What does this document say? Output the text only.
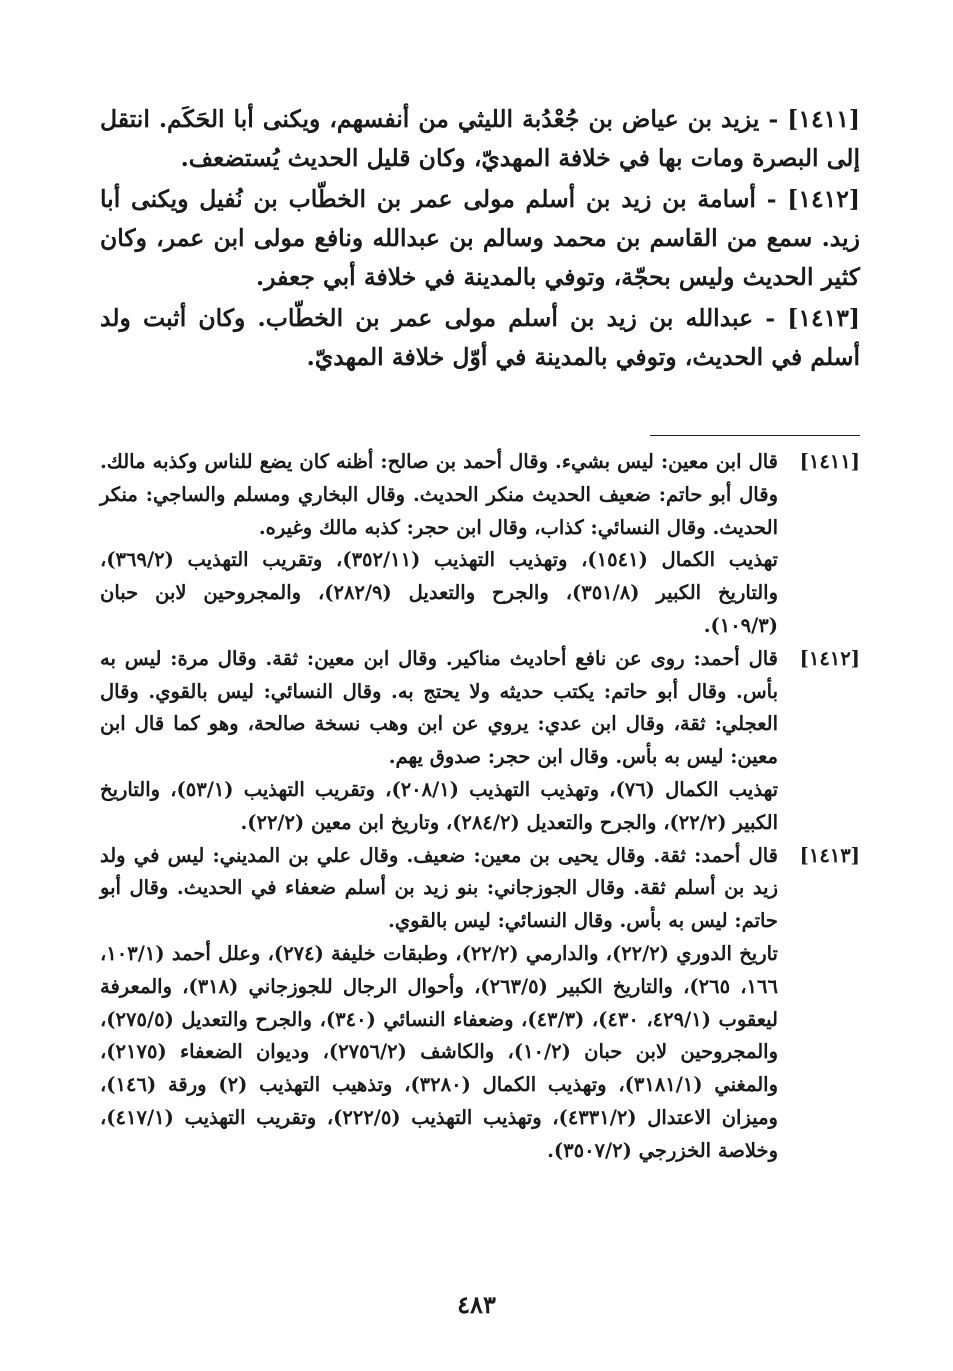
[١٤١١] - يزيد بن عياض بن جُعْدُبة الليثي من أنفسهم، ويكنى أبا الحَكَم. انتقل إلى البصرة ومات بها في خلافة المهديّ، وكان قليل الحديث يُستضعف.

[١٤١٢] - أسامة بن زيد بن أسلم مولى عمر بن الخطّاب بن نُفيل ويكنى أبا زيد. سمع من القاسم بن محمد وسالم بن عبدالله ونافع مولى ابن عمر، وكان كثير الحديث وليس بحجّة، وتوفي بالمدينة في خلافة أبي جعفر.

[١٤١٣] - عبدالله بن زيد بن أسلم مولى عمر بن الخطّاب. وكان أثبت ولد أسلم في الحديث، وتوفي بالمدينة في أوّل خلافة المهديّ.

[١٤١١]

قال ابن معين: ليس بشيء. وقال أحمد بن صالح: أظنه كان يضع للناس وكذبه مالك. وقال أبو حاتم: ضعيف الحديث منكر الحديث. وقال البخاري ومسلم والساجي: منكر الحديث. وقال النسائي: كذاب، وقال ابن حجر: كذبه مالك وغيره.

تهذيب الكمال (١٥٤١)، وتهذيب التهذيب (٣٥٢/١١)، وتقريب التهذيب (٣٦٩/٢)، والتاريخ الكبير (٣٥١/٨)، والجرح والتعديل (٢٨٢/٩)، والمجروحين لابن حبان (١٠٩/٣).

[١٤١٢]

قال أحمد: روى عن نافع أحاديث مناكير. وقال ابن معين: ثقة. وقال مرة: ليس به بأس. وقال أبو حاتم: يكتب حديثه ولا يحتج به. وقال النسائي: ليس بالقوي. وقال العجلي: ثقة، وقال ابن عدي: يروي عن ابن وهب نسخة صالحة، وهو كما قال ابن معين: ليس به بأس. وقال ابن حجر: صدوق يهم.

تهذيب الكمال (٧٦)، وتهذيب التهذيب (٢٠٨/١)، وتقريب التهذيب (٥٣/١)، والتاريخ الكبير (٢٢/٢)، والجرح والتعديل (٢٨٤/٢)، وتاريخ ابن معين (٢٢/٢).

[١٤١٣]

قال أحمد: ثقة. وقال يحيى بن معين: ضعيف. وقال علي بن المديني: ليس في ولد زيد بن أسلم ثقة. وقال الجوزجاني: بنو زيد بن أسلم ضعفاء في الحديث. وقال أبو حاتم: ليس به بأس. وقال النسائي: ليس بالقوي.

تاريخ الدوري (٢٢/٢)، والدارمي (٢٢/٢)، وطبقات خليفة (٢٧٤)، وعلل أحمد (١٠٣/١، ١٦٦، ٢٦٥)، والتاريخ الكبير (٢٦٣/٥)، وأحوال الرجال للجوزجاني (٣١٨)، والمعرفة ليعقوب (٤٢٩/١، ٤٣٠)، (٤٣/٣)، وضعفاء النسائي (٣٤٠)، والجرح والتعديل (٢٧٥/٥)، والمجروحين لابن حبان (١٠/٢)، والكاشف (٢٧٥٦/٢)، وديوان الضعفاء (٢١٧٥)، والمغني (٣١٨١/١)، وتهذيب الكمال (٣٢٨٠)، وتذهيب التهذيب (٢) ورقة (١٤٦)، وميزان الاعتدال (٤٣٣١/٢)، وتهذيب التهذيب (٢٢٢/٥)، وتقريب التهذيب (٤١٧/١)، وخلاصة الخزرجي (٣٥٠٧/٢).

٤٨٣
